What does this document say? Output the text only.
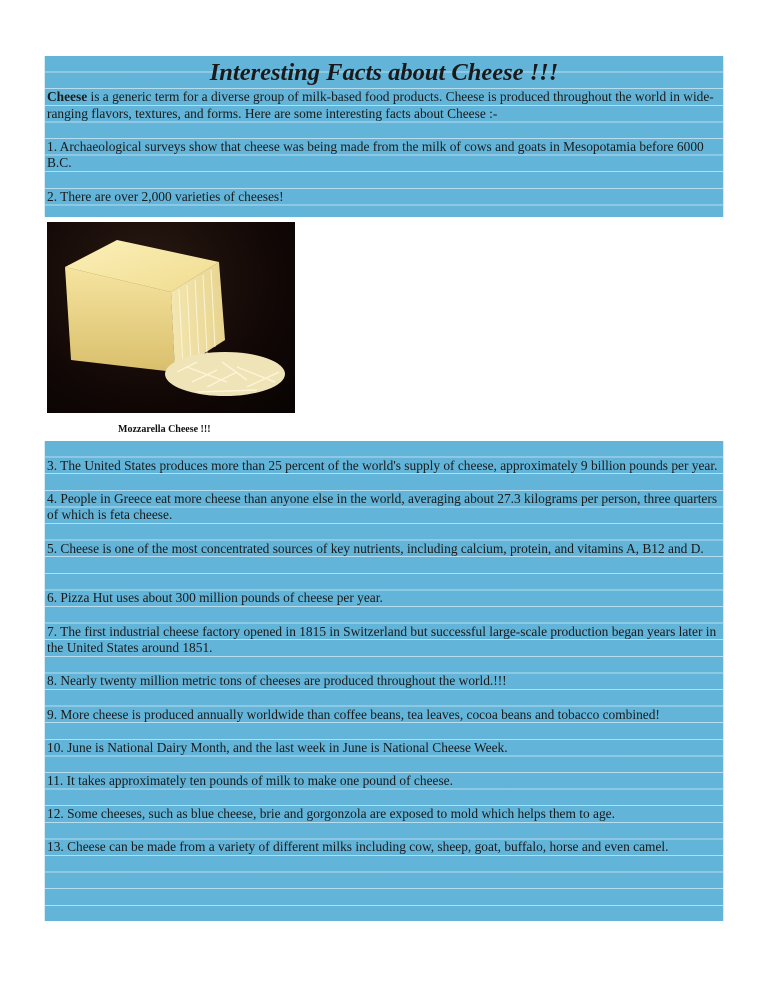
Interesting Facts about Cheese !!!

Cheese is a generic term for a diverse group of milk-based food products. Cheese is produced throughout the world in wide-ranging flavors, textures, and forms. Here are some interesting facts about Cheese :-

1. Archaeological surveys show that cheese was being made from the milk of cows and goats in Mesopotamia before 6000 B.C.

2. There are over 2,000 varieties of cheeses!

Mozzarella Cheese !!!

3. The United States produces more than 25 percent of the world's supply of cheese, approximately 9 billion pounds per year.

4. People in Greece eat more cheese than anyone else in the world, averaging about 27.3 kilograms per person, three quarters of which is feta cheese.

5. Cheese is one of the most concentrated sources of key nutrients, including calcium, protein, and vitamins A, B12 and D.

6. Pizza Hut uses about 300 million pounds of cheese per year.

7. The first industrial cheese factory opened in 1815 in Switzerland but successful large-scale production began years later in the United States around 1851.

8. Nearly twenty million metric tons of cheeses are produced throughout the world.!!!

9. More cheese is produced annually worldwide than coffee beans, tea leaves, cocoa beans and tobacco combined!

10. June is National Dairy Month, and the last week in June is National Cheese Week.

11. It takes approximately ten pounds of milk to make one pound of cheese.

12. Some cheeses, such as blue cheese, brie and gorgonzola are exposed to mold which helps them to age.

13. Cheese can be made from a variety of different milks including cow, sheep, goat, buffalo, horse and even camel.
